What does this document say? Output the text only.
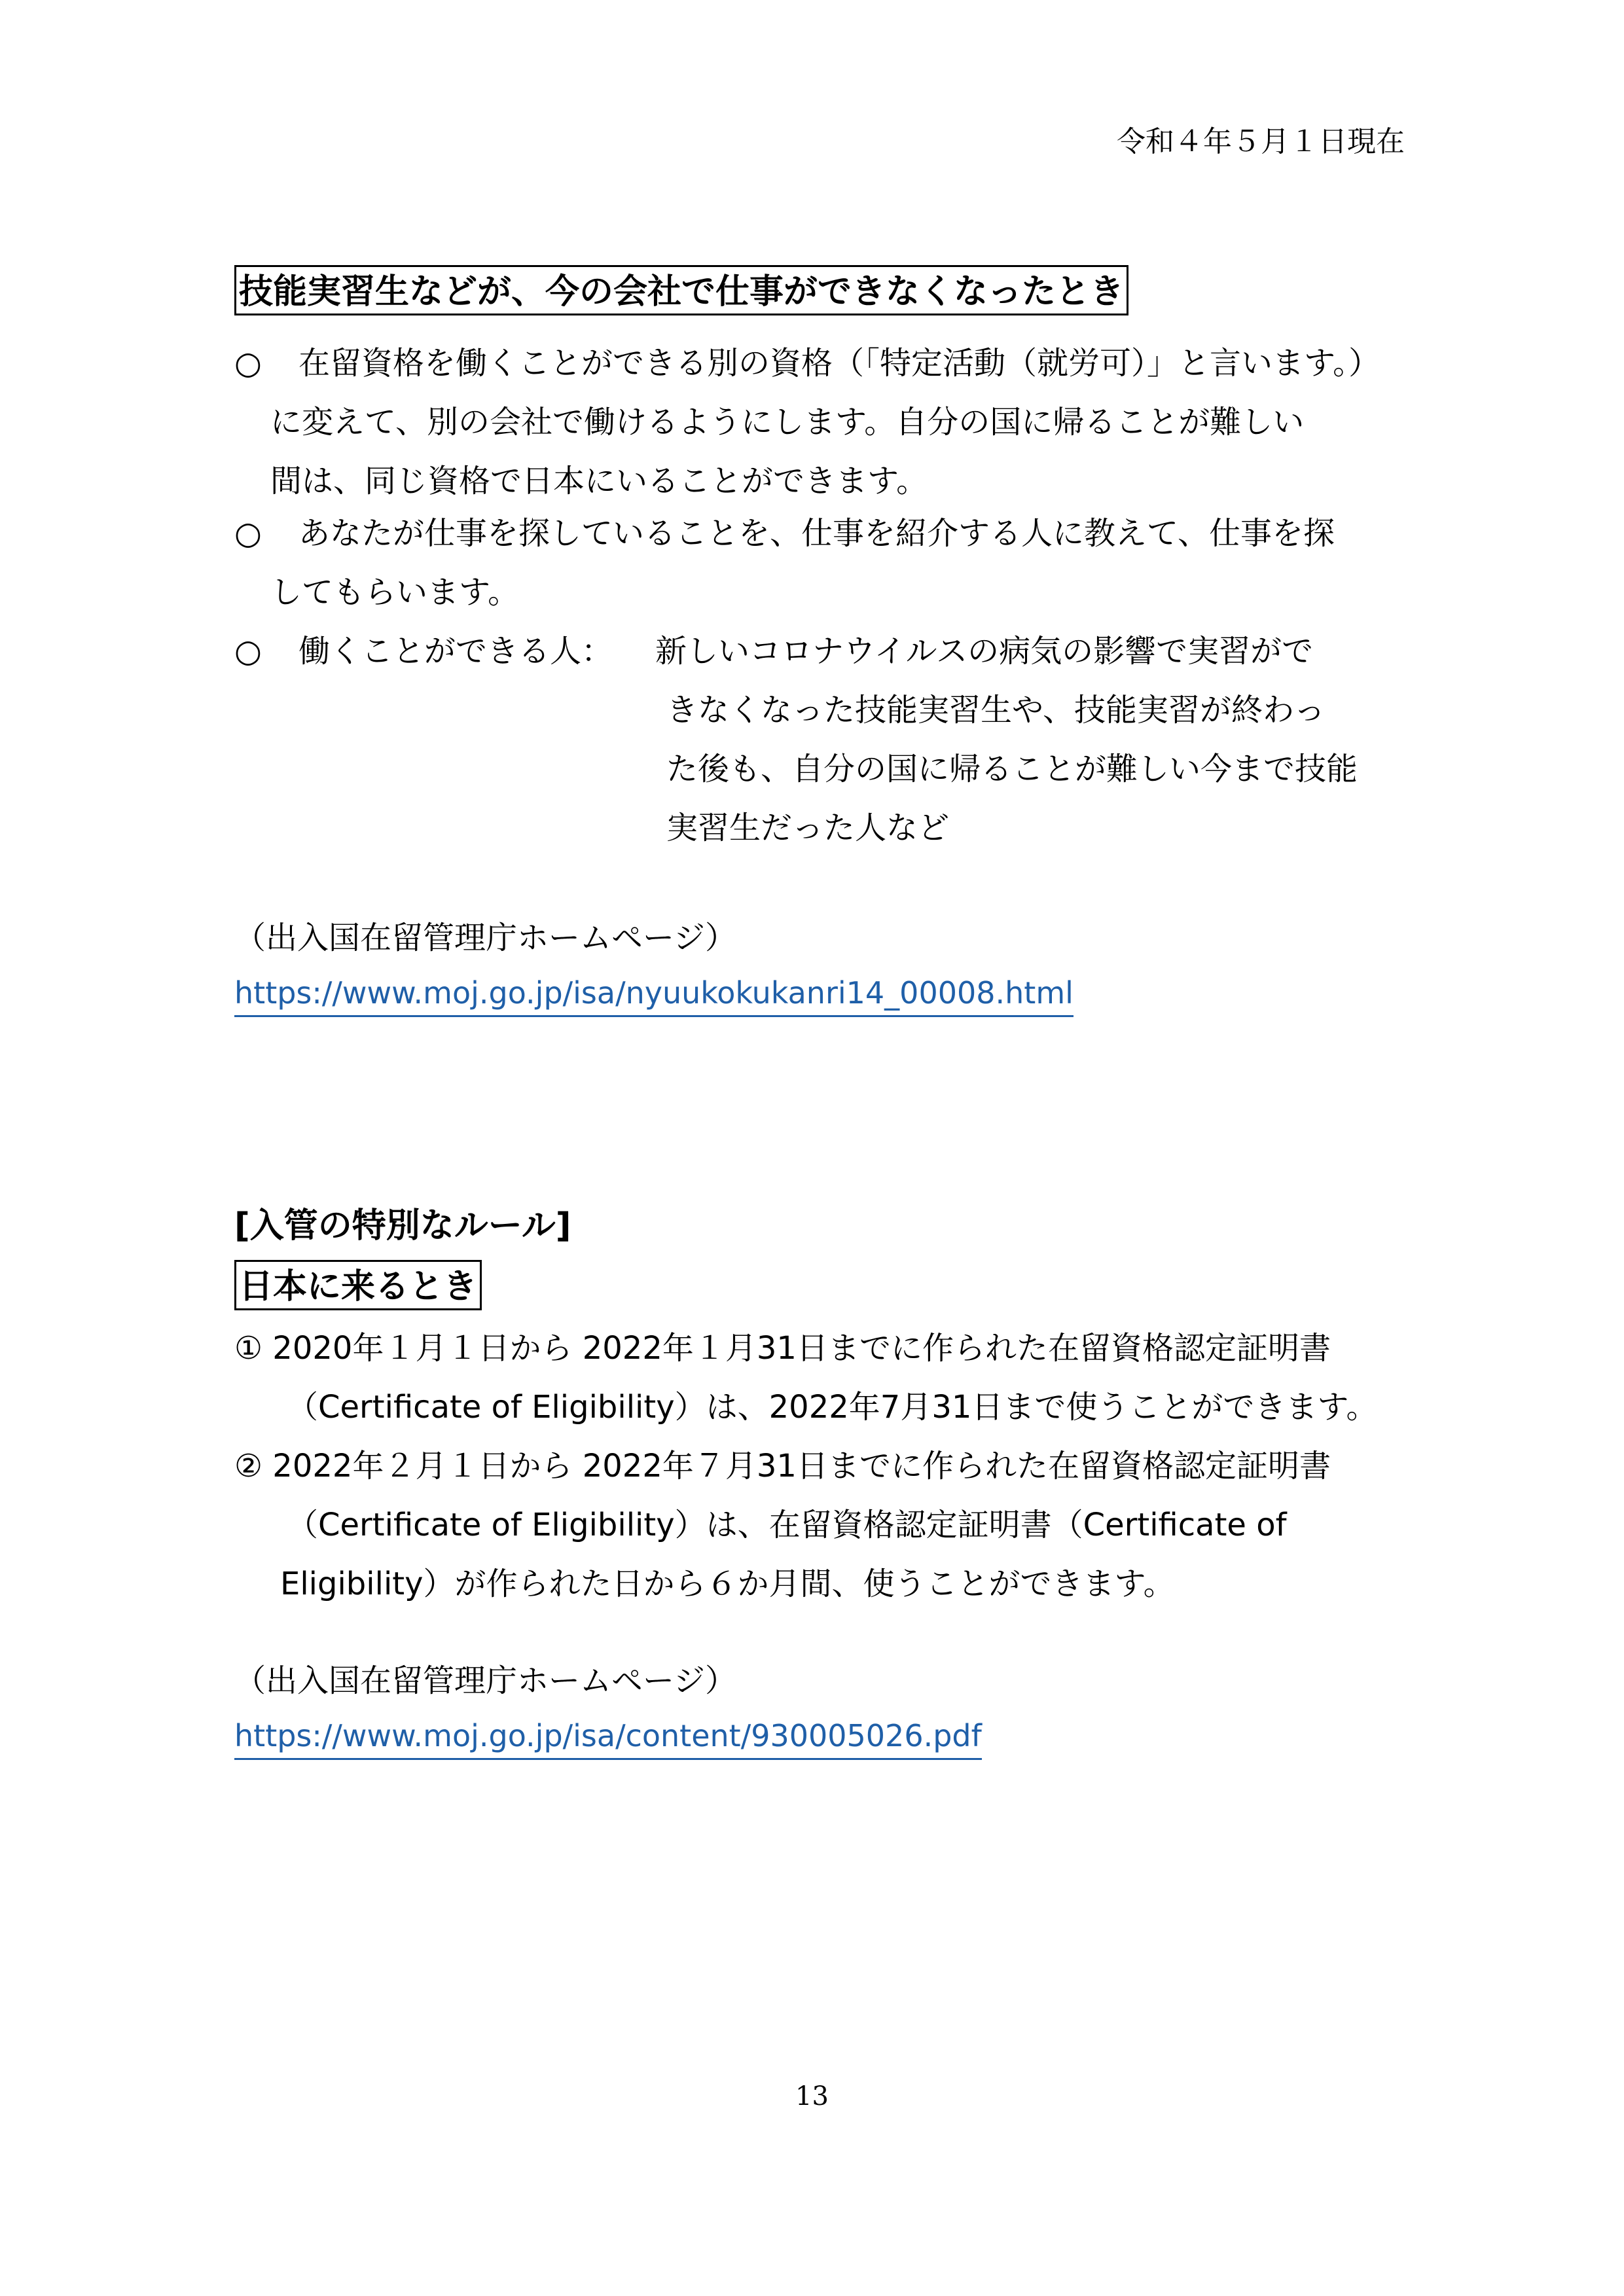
令和４年５月１日現在
技能実習生などが、今の会社で仕事ができなくなったとき
○ 在留資格を働くことができる別の資格（「特定活動（就労可）」と言います。）
に変えて、別の会社で働けるようにします。自分の国に帰ることが難しい
間は、同じ資格で日本にいることができます。
○ あなたが仕事を探していることを、仕事を紹介する人に教えて、仕事を探
してもらいます。
○ 働くことができる人： 新しいコロナウイルスの病気の影響で実習がで
きなくなった技能実習生や、技能実習が終わっ
た後も、自分の国に帰ることが難しい今まで技能
実習生だった人など
（出入国在留管理庁ホームページ）
https://www.moj.go.jp/isa/nyuukokukanri14_00008.html
[入管の特別なルール]
日本に来るとき
① 2020年１月１日から 2022年１月31日までに作られた在留資格認定証明書
（Certificate of Eligibility）は、2022年7月31日まで使うことができます。
② 2022年２月１日から 2022年７月31日までに作られた在留資格認定証明書
（Certificate of Eligibility）は、在留資格認定証明書（Certificate of
Eligibility）が作られた日から６か月間、使うことができます。
（出入国在留管理庁ホームページ）
https://www.moj.go.jp/isa/content/930005026.pdf
13
